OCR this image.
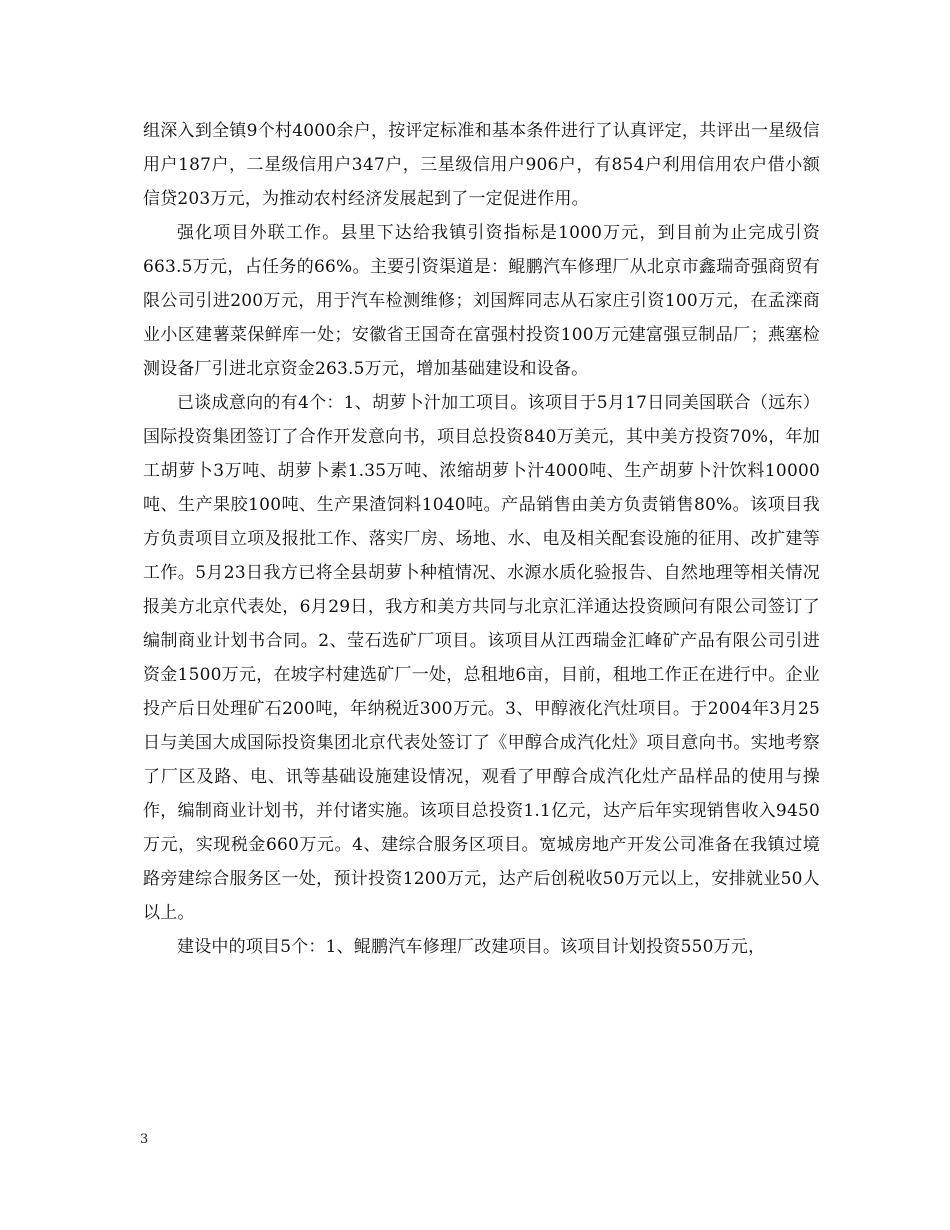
组深入到全镇9个村4000余户，按评定标准和基本条件进行了认真评定，共评出一星级信用户187户，二星级信用户347户，三星级信用户906户，有854户利用信用农户借小额信贷203万元，为推动农村经济发展起到了一定促进作用。

强化项目外联工作。县里下达给我镇引资指标是1000万元，到目前为止完成引资663.5万元，占任务的66%。主要引资渠道是：鲲鹏汽车修理厂从北京市鑫瑞奇强商贸有限公司引进200万元，用于汽车检测维修；刘国辉同志从石家庄引资100万元，在孟滦商业小区建薯菜保鲜库一处；安徽省王国奇在富强村投资100万元建富强豆制品厂；燕塞检测设备厂引进北京资金263.5万元，增加基础建设和设备。

已谈成意向的有4个：1、胡萝卜汁加工项目。该项目于5月17日同美国联合（远东）国际投资集团签订了合作开发意向书，项目总投资840万美元，其中美方投资70%，年加工胡萝卜3万吨、胡萝卜素1.35万吨、浓缩胡萝卜汁4000吨、生产胡萝卜汁饮料10000吨、生产果胶100吨、生产果渣饲料1040吨。产品销售由美方负责销售80%。该项目我方负责项目立项及报批工作、落实厂房、场地、水、电及相关配套设施的征用、改扩建等工作。5月23日我方已将全县胡萝卜种植情况、水源水质化验报告、自然地理等相关情况报美方北京代表处，6月29日，我方和美方共同与北京汇洋通达投资顾问有限公司签订了编制商业计划书合同。2、莹石选矿厂项目。该项目从江西瑞金汇峰矿产品有限公司引进资金1500万元，在坡字村建选矿厂一处，总租地6亩，目前，租地工作正在进行中。企业投产后日处理矿石200吨，年纳税近300万元。3、甲醇液化汽灶项目。于2004年3月25日与美国大成国际投资集团北京代表处签订了《甲醇合成汽化灶》项目意向书。实地考察了厂区及路、电、讯等基础设施建设情况，观看了甲醇合成汽化灶产品样品的使用与操作，编制商业计划书，并付诸实施。该项目总投资1.1亿元，达产后年实现销售收入9450万元，实现税金660万元。4、建综合服务区项目。宽城房地产开发公司准备在我镇过境路旁建综合服务区一处，预计投资1200万元，达产后创税收50万元以上，安排就业50人以上。

建设中的项目5个：1、鲲鹏汽车修理厂改建项目。该项目计划投资550万元，

3
